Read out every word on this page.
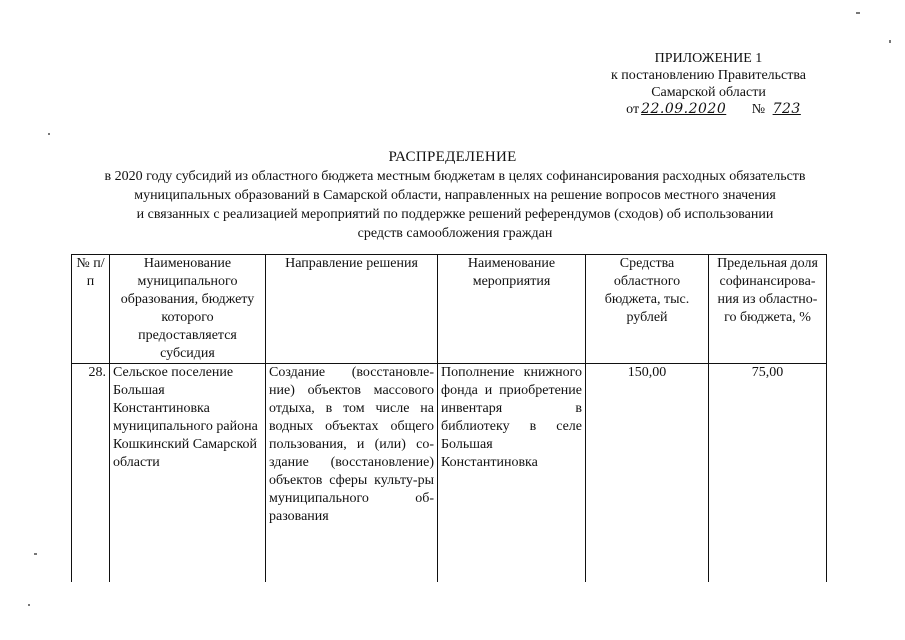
ПРИЛОЖЕНИЕ 1
к постановлению Правительства
Самарской области
от 22.09.2020 № 723
РАСПРЕДЕЛЕНИЕ
в 2020 году субсидий из областного бюджета местным бюджетам в целях софинансирования расходных обязательств
муниципальных образований в Самарской области, направленных на решение вопросов местного значения
и связанных с реализацией мероприятий по поддержке решений референдумов (сходов) об использовании
средств самообложения граждан
№ п/п	Наименование муниципального образования, бюджету которого предоставляется субсидия	Направление решения	Наименование мероприятия	Средства областного бюджета, тыс. рублей	Предельная доля софинансирова-ния из областно-го бюджета, %
28.	Сельское поселение Большая Константиновка муниципального района Кошкинский Самарской области	Создание (восстановле-ние) объектов массового отдыха, в том числе на водных объектах общего пользования, и (или) со-здание (восстановление) объектов сферы культу-ры муниципального об-разования	Пополнение книжного фонда и приобретение инвентаря в библиотеку в селе Большая Константиновка	150,00	75,00
